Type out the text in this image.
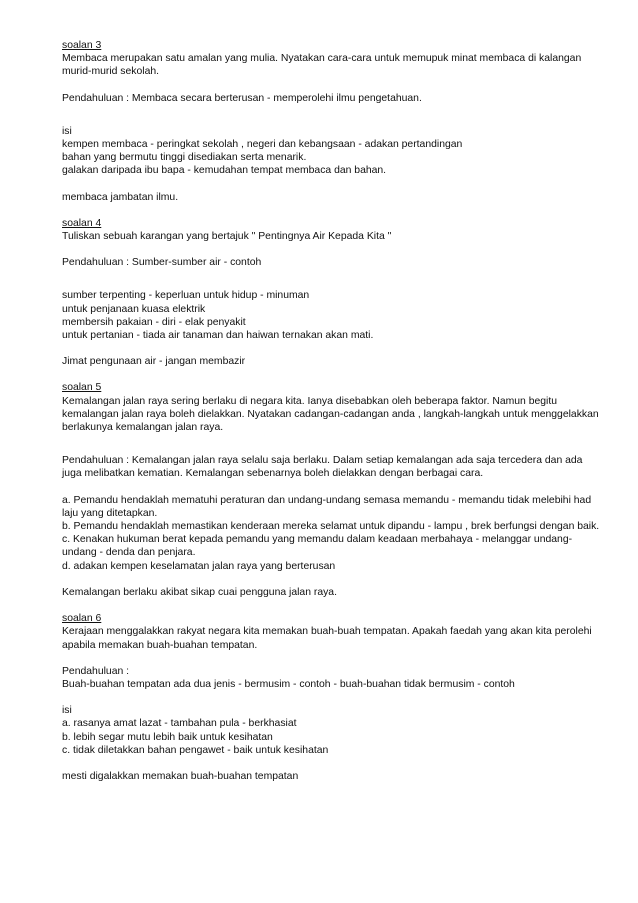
soalan 3
Membaca merupakan satu amalan yang mulia. Nyatakan cara-cara untuk memupuk minat membaca di kalangan murid-murid sekolah.
Pendahuluan : Membaca secara berterusan - memperolehi ilmu pengetahuan.
isi
kempen membaca - peringkat sekolah , negeri dan kebangsaan - adakan pertandingan
bahan yang bermutu tinggi disediakan serta menarik.
galakan daripada ibu bapa - kemudahan tempat membaca dan bahan.
membaca jambatan ilmu.
soalan 4
Tuliskan sebuah karangan yang bertajuk " Pentingnya Air Kepada Kita "
Pendahuluan : Sumber-sumber air - contoh
sumber terpenting - keperluan untuk hidup - minuman
untuk penjanaan kuasa elektrik
membersih pakaian - diri - elak penyakit
untuk pertanian - tiada air tanaman dan haiwan ternakan akan mati.
Jimat pengunaan air - jangan membazir
soalan 5
Kemalangan jalan raya sering berlaku di negara kita. Ianya disebabkan oleh beberapa faktor. Namun begitu kemalangan jalan raya boleh dielakkan. Nyatakan cadangan-cadangan anda , langkah-langkah untuk menggelakkan berlakunya kemalangan jalan raya.
Pendahuluan : Kemalangan jalan raya selalu saja berlaku. Dalam setiap kemalangan ada saja tercedera dan ada juga melibatkan kematian. Kemalangan sebenarnya boleh dielakkan dengan berbagai cara.
a. Pemandu hendaklah mematuhi peraturan dan undang-undang semasa memandu - memandu tidak melebihi had laju yang ditetapkan.
b. Pemandu hendaklah memastikan kenderaan mereka selamat untuk dipandu - lampu , brek berfungsi dengan baik.
c. Kenakan hukuman berat kepada pemandu yang memandu dalam keadaan merbahaya - melanggar undang-undang - denda dan penjara.
d. adakan kempen keselamatan jalan raya yang berterusan
Kemalangan berlaku akibat sikap cuai pengguna jalan raya.
soalan 6
Kerajaan menggalakkan rakyat negara kita memakan buah-buah tempatan. Apakah faedah yang akan kita perolehi apabila memakan buah-buahan tempatan.
Pendahuluan :
Buah-buahan tempatan ada dua jenis - bermusim - contoh - buah-buahan tidak bermusim - contoh
isi
a. rasanya amat lazat - tambahan pula - berkhasiat
b. lebih segar mutu lebih baik untuk kesihatan
c. tidak diletakkan bahan pengawet - baik untuk kesihatan
mesti digalakkan memakan buah-buahan tempatan
